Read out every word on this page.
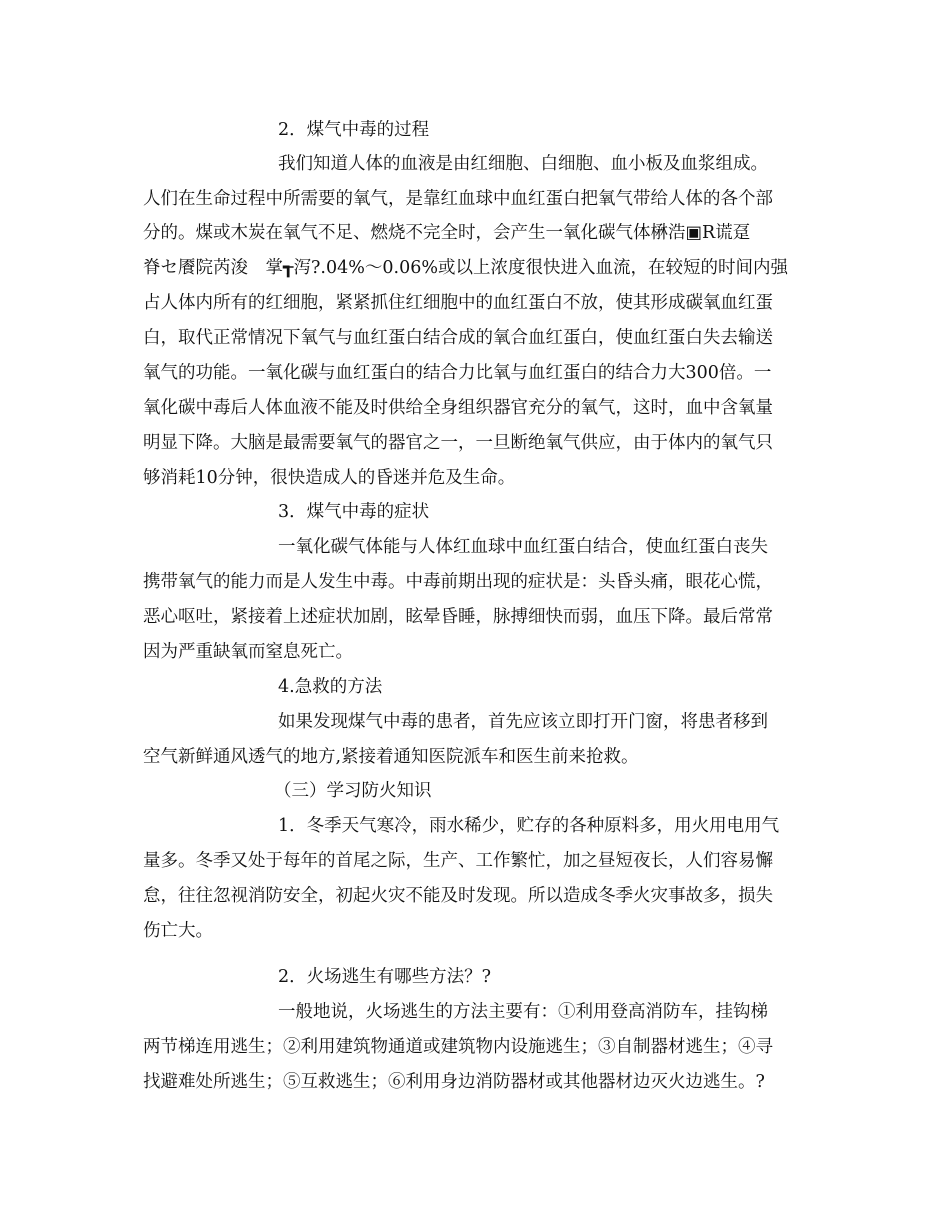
2．煤气中毒的过程
我们知道人体的血液是由红细胞、白细胞、血小板及血浆组成。
人们在生命过程中所需要的氧气，是靠红血球中血红蛋白把氧气带给人体的各个部
分的。煤或木炭在氧气不足、燃烧不完全时，会产生一氧化碳气体楙浩▣R谎趸
脊セ餍院芮浚　掌┱泻?.04%～0.06%或以上浓度很快进入血流，在较短的时间内强
占人体内所有的红细胞，紧紧抓住红细胞中的血红蛋白不放，使其形成碳氧血红蛋
白，取代正常情况下氧气与血红蛋白结合成的氧合血红蛋白，使血红蛋白失去输送
氧气的功能。一氧化碳与血红蛋白的结合力比氧与血红蛋白的结合力大300倍。一
氧化碳中毒后人体血液不能及时供给全身组织器官充分的氧气，这时，血中含氧量
明显下降。大脑是最需要氧气的器官之一，一旦断绝氧气供应，由于体内的氧气只
够消耗10分钟，很快造成人的昏迷并危及生命。
3．煤气中毒的症状
一氧化碳气体能与人体红血球中血红蛋白结合，使血红蛋白丧失
携带氧气的能力而是人发生中毒。中毒前期出现的症状是：头昏头痛，眼花心慌，
恶心呕吐，紧接着上述症状加剧，眩晕昏睡，脉搏细快而弱，血压下降。最后常常
因为严重缺氧而窒息死亡。
4.急救的方法
如果发现煤气中毒的患者，首先应该立即打开门窗，将患者移到
空气新鲜通风透气的地方,紧接着通知医院派车和医生前来抢救。
（三）学习防火知识
1．冬季天气寒冷，雨水稀少，贮存的各种原料多，用火用电用气
量多。冬季又处于每年的首尾之际，生产、工作繁忙，加之昼短夜长，人们容易懈
怠，往往忽视消防安全，初起火灾不能及时发现。所以造成冬季火灾事故多，损失
伤亡大。
2．火场逃生有哪些方法？?
一般地说，火场逃生的方法主要有：①利用登高消防车，挂钩梯
两节梯连用逃生；②利用建筑物通道或建筑物内设施逃生；③自制器材逃生；④寻
找避难处所逃生；⑤互救逃生；⑥利用身边消防器材或其他器材边灭火边逃生。?
